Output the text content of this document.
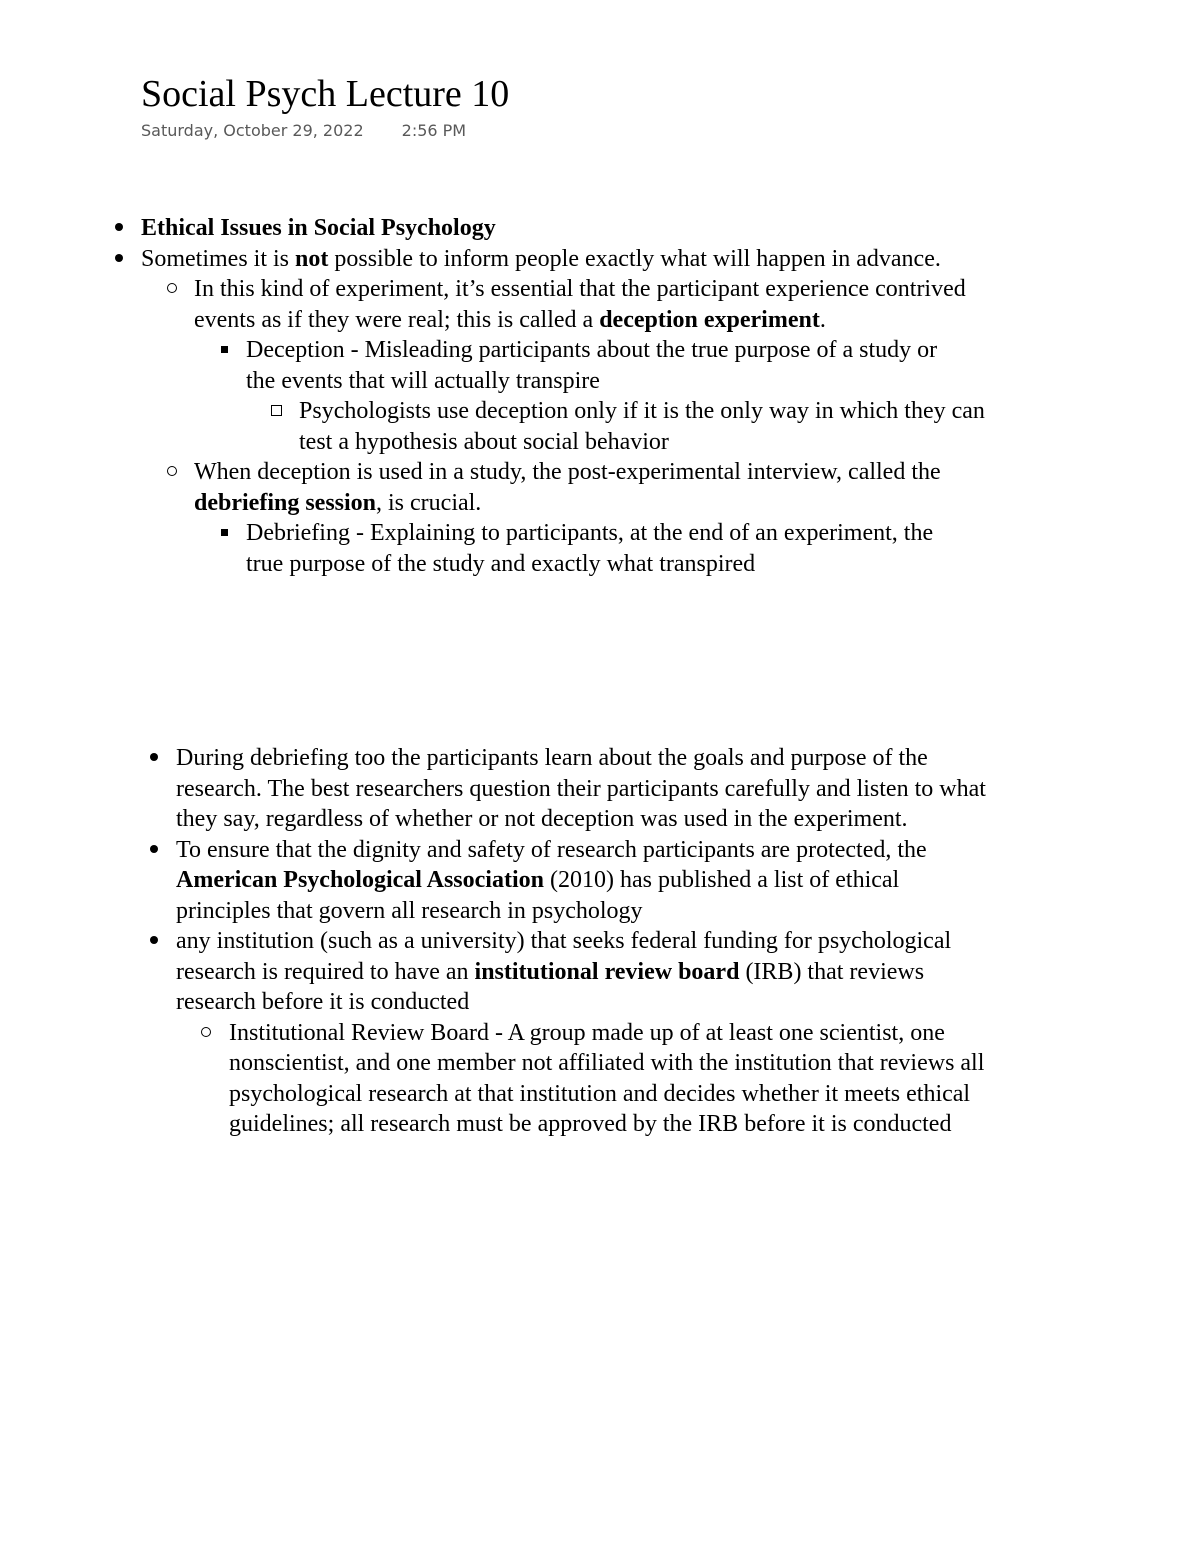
Social Psych Lecture 10
Saturday, October 29, 2022 2:56 PM
Ethical Issues in Social Psychology
Sometimes it is not possible to inform people exactly what will happen in advance.
In this kind of experiment, it’s essential that the participant experience contrived events as if they were real; this is called a deception experiment.
Deception - Misleading participants about the true purpose of a study or the events that will actually transpire
Psychologists use deception only if it is the only way in which they can test a hypothesis about social behavior
When deception is used in a study, the post-experimental interview, called the debriefing session, is crucial.
Debriefing - Explaining to participants, at the end of an experiment, the true purpose of the study and exactly what transpired
During debriefing too the participants learn about the goals and purpose of the research. The best researchers question their participants carefully and listen to what they say, regardless of whether or not deception was used in the experiment.
To ensure that the dignity and safety of research participants are protected, the American Psychological Association (2010) has published a list of ethical principles that govern all research in psychology
any institution (such as a university) that seeks federal funding for psychological research is required to have an institutional review board (IRB) that reviews research before it is conducted
Institutional Review Board - A group made up of at least one scientist, one nonscientist, and one member not affiliated with the institution that reviews all psychological research at that institution and decides whether it meets ethical guidelines; all research must be approved by the IRB before it is conducted
